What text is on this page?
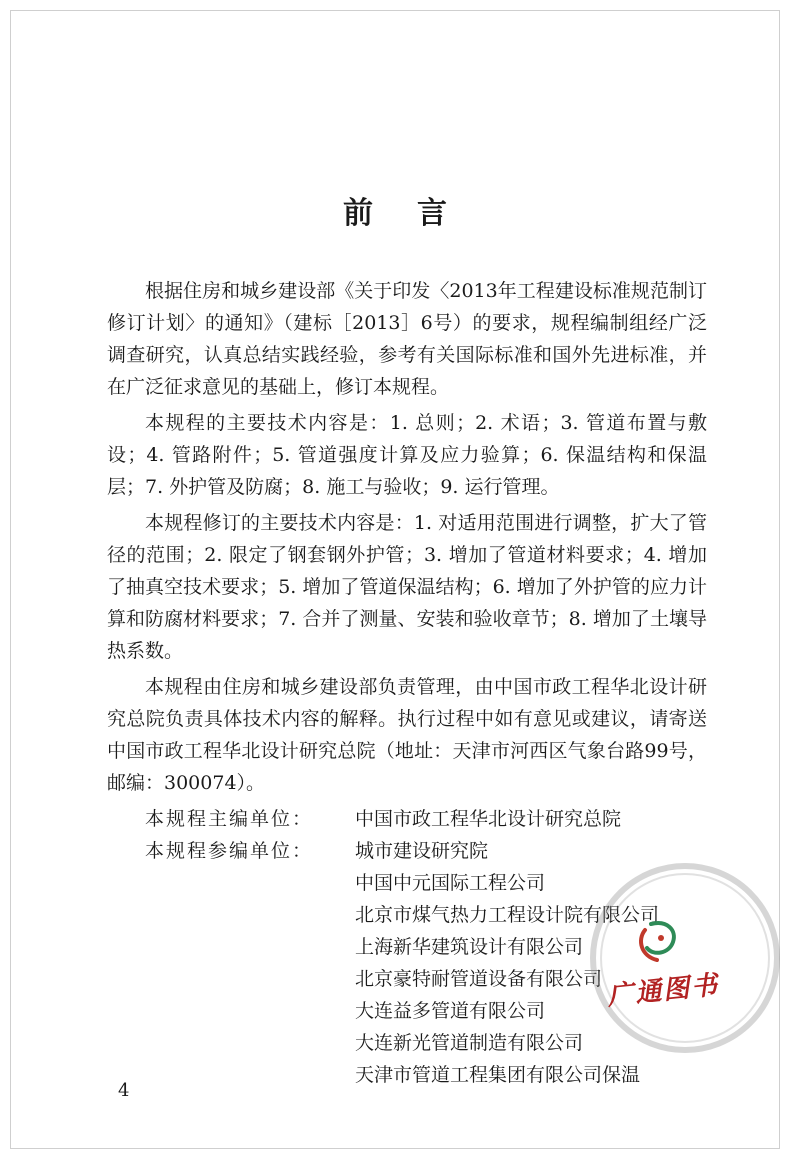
前言

根据住房和城乡建设部《关于印发〈2013年工程建设标准规范制订修订计划〉的通知》（建标［2013］6号）的要求，规程编制组经广泛调查研究，认真总结实践经验，参考有关国际标准和国外先进标准，并在广泛征求意见的基础上，修订本规程。

本规程的主要技术内容是：1. 总则；2. 术语；3. 管道布置与敷设；4. 管路附件；5. 管道强度计算及应力验算；6. 保温结构和保温层；7. 外护管及防腐；8. 施工与验收；9. 运行管理。

本规程修订的主要技术内容是：1. 对适用范围进行调整，扩大了管径的范围；2. 限定了钢套钢外护管；3. 增加了管道材料要求；4. 增加了抽真空技术要求；5. 增加了管道保温结构；6. 增加了外护管的应力计算和防腐材料要求；7. 合并了测量、安装和验收章节；8. 增加了土壤导热系数。

本规程由住房和城乡建设部负责管理，由中国市政工程华北设计研究总院负责具体技术内容的解释。执行过程中如有意见或建议，请寄送中国市政工程华北设计研究总院（地址：天津市河西区气象台路99号，邮编：300074）。

本规程主编单位：	中国市政工程华北设计研究总院
本规程参编单位：	城市建设研究院
中国中元国际工程公司
北京市煤气热力工程设计院有限公司
上海新华建筑设计有限公司
北京豪特耐管道设备有限公司
大连益多管道有限公司
大连新光管道制造有限公司
天津市管道工程集团有限公司保温
4
广通图书
